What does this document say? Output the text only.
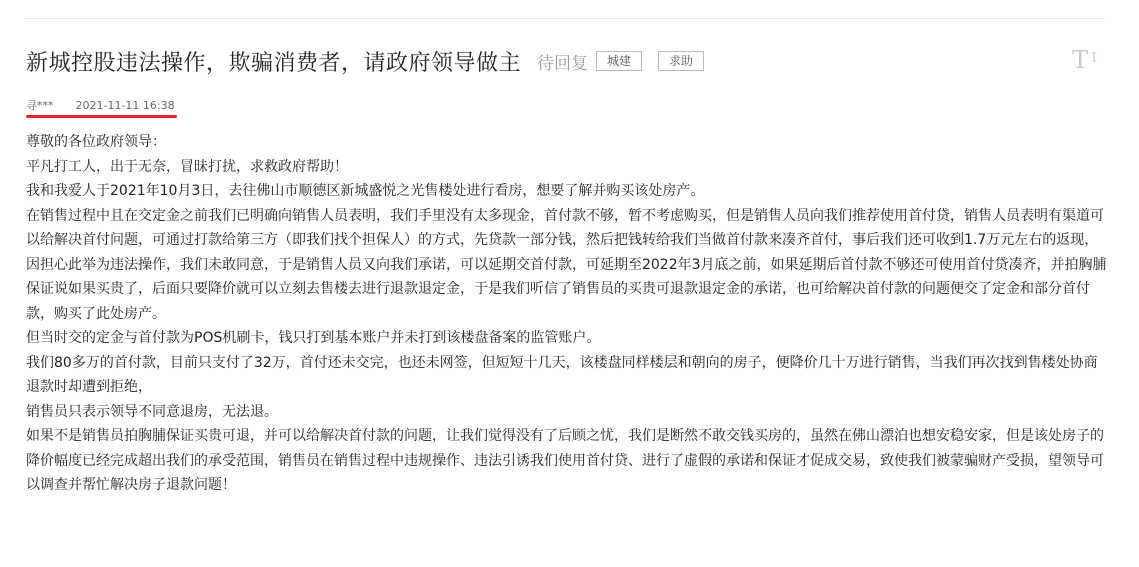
新城控股违法操作，欺骗消费者，请政府领导做主 待回复	城建	求助	T↕
寻*** 2021-11-11 16:38

尊敬的各位政府领导：

平凡打工人，出于无奈，冒昧打扰，求救政府帮助！

我和我爱人于2021年10月3日，去往佛山市顺德区新城盛悦之光售楼处进行看房，想要了解并购买该处房产。

在销售过程中且在交定金之前我们已明确向销售人员表明，我们手里没有太多现金，首付款不够，暂不考虑购买，但是销售人员向我们推荐使用首付贷，销售人员表明有渠道可以给解决首付问题，可通过打款给第三方（即我们找个担保人）的方式，先贷款一部分钱，然后把钱转给我们当做首付款来凑齐首付，事后我们还可收到1.7万元左右的返现，因担心此举为违法操作，我们未敢同意，于是销售人员又向我们承诺，可以延期交首付款，可延期至2022年3月底之前，如果延期后首付款不够还可使用首付贷凑齐，并拍胸脯保证说如果买贵了，后面只要降价就可以立刻去售楼去进行退款退定金，于是我们听信了销售员的买贵可退款退定金的承诺，也可给解决首付款的问题便交了定金和部分首付款，购买了此处房产。

但当时交的定金与首付款为POS机刷卡，钱只打到基本账户并未打到该楼盘备案的监管账户。

我们80多万的首付款，目前只支付了32万，首付还未交完，也还未网签，但短短十几天，该楼盘同样楼层和朝向的房子，便降价几十万进行销售，当我们再次找到售楼处协商退款时却遭到拒绝，

销售员只表示领导不同意退房，无法退。

如果不是销售员拍胸脯保证买贵可退，并可以给解决首付款的问题，让我们觉得没有了后顾之忧，我们是断然不敢交钱买房的，虽然在佛山漂泊也想安稳安家，但是该处房子的降价幅度已经完成超出我们的承受范围，销售员在销售过程中违规操作、违法引诱我们使用首付贷、进行了虚假的承诺和保证才促成交易，致使我们被蒙骗财产受损，望领导可以调查并帮忙解决房子退款问题！
